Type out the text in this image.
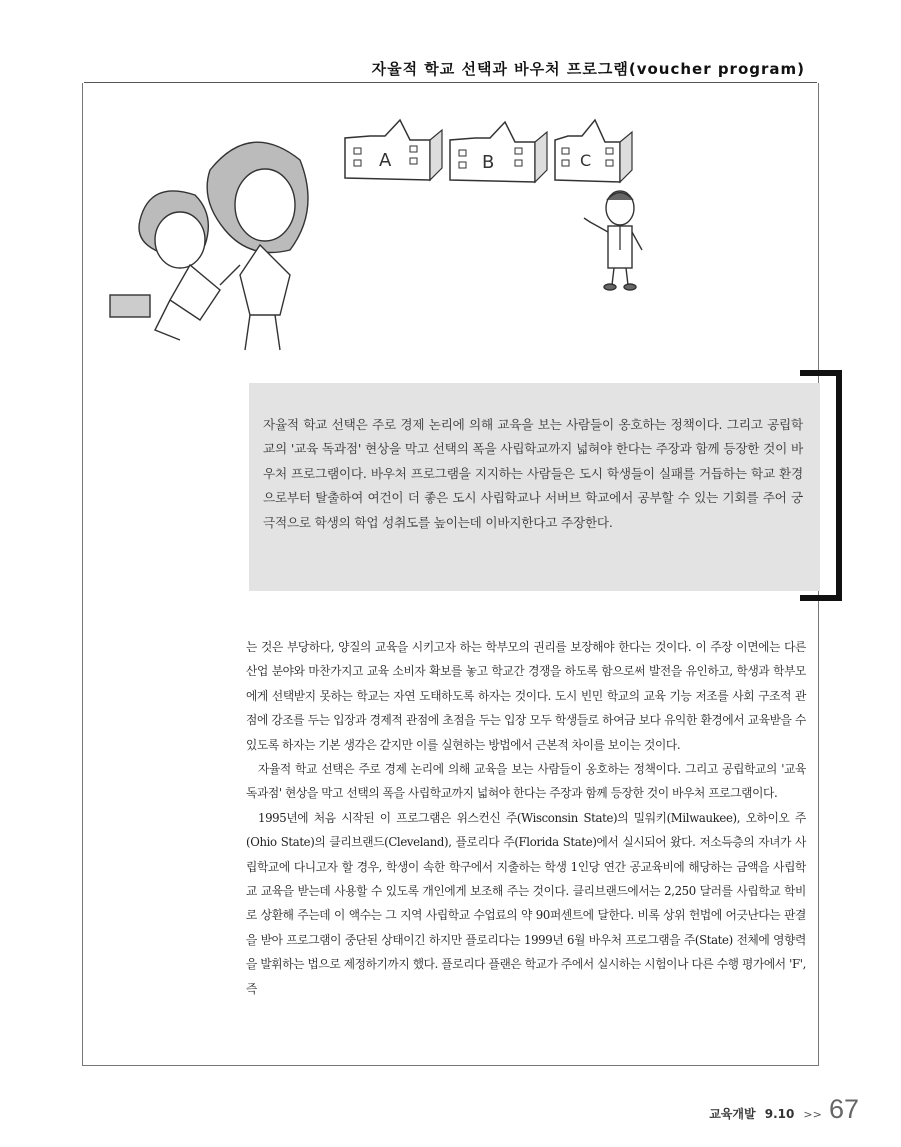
자율적 학교 선택과 바우처 프로그램(voucher program)
A	B	C

자율적 학교 선택은 주로 경제 논리에 의해 교육을 보는 사람들이 옹호하는 정책이다. 그리고 공립학교의 '교육 독과점' 현상을 막고 선택의 폭을 사립학교까지 넓혀야 한다는 주장과 함께 등장한 것이 바우처 프로그램이다. 바우처 프로그램을 지지하는 사람들은 도시 학생들이 실패를 거듭하는 학교 환경으로부터 탈출하여 여건이 더 좋은 도시 사립학교나 서버브 학교에서 공부할 수 있는 기회를 주어 궁극적으로 학생의 학업 성취도를 높이는데 이바지한다고 주장한다.

는 것은 부당하다, 양질의 교육을 시키고자 하는 학부모의 권리를 보장해야 한다는 것이다. 이 주장 이면에는 다른 산업 분야와 마찬가지고 교육 소비자 확보를 놓고 학교간 경쟁을 하도록 함으로써 발전을 유인하고, 학생과 학부모에게 선택받지 못하는 학교는 자연 도태하도록 하자는 것이다. 도시 빈민 학교의 교육 기능 저조를 사회 구조적 관점에 강조를 두는 입장과 경제적 관점에 초점을 두는 입장 모두 학생들로 하여금 보다 유익한 환경에서 교육받을 수 있도록 하자는 기본 생각은 같지만 이를 실현하는 방법에서 근본적 차이를 보이는 것이다.

자율적 학교 선택은 주로 경제 논리에 의해 교육을 보는 사람들이 옹호하는 정책이다. 그리고 공립학교의 '교육 독과점' 현상을 막고 선택의 폭을 사립학교까지 넓혀야 한다는 주장과 함께 등장한 것이 바우처 프로그램이다.

1995년에 처음 시작된 이 프로그램은 위스컨신 주(Wisconsin State)의 밀워키(Milwaukee), 오하이오 주(Ohio State)의 클리브랜드(Cleveland), 플로리다 주(Florida State)에서 실시되어 왔다. 저소득층의 자녀가 사립학교에 다니고자 할 경우, 학생이 속한 학구에서 지출하는 학생 1인당 연간 공교육비에 해당하는 금액을 사립학교 교육을 받는데 사용할 수 있도록 개인에게 보조해 주는 것이다. 클리브랜드에서는 2,250 달러를 사립학교 학비로 상환해 주는데 이 액수는 그 지역 사립학교 수업료의 약 90퍼센트에 달한다. 비록 상위 헌법에 어긋난다는 판결을 받아 프로그램이 중단된 상태이긴 하지만 플로리다는 1999년 6월 바우처 프로그램을 주(State) 전체에 영향력을 발휘하는 법으로 제정하기까지 했다. 플로리다 플랜은 학교가 주에서 실시하는 시험이나 다른 수행 평가에서 'F', 즉

교육개발 9.10 >> 67
